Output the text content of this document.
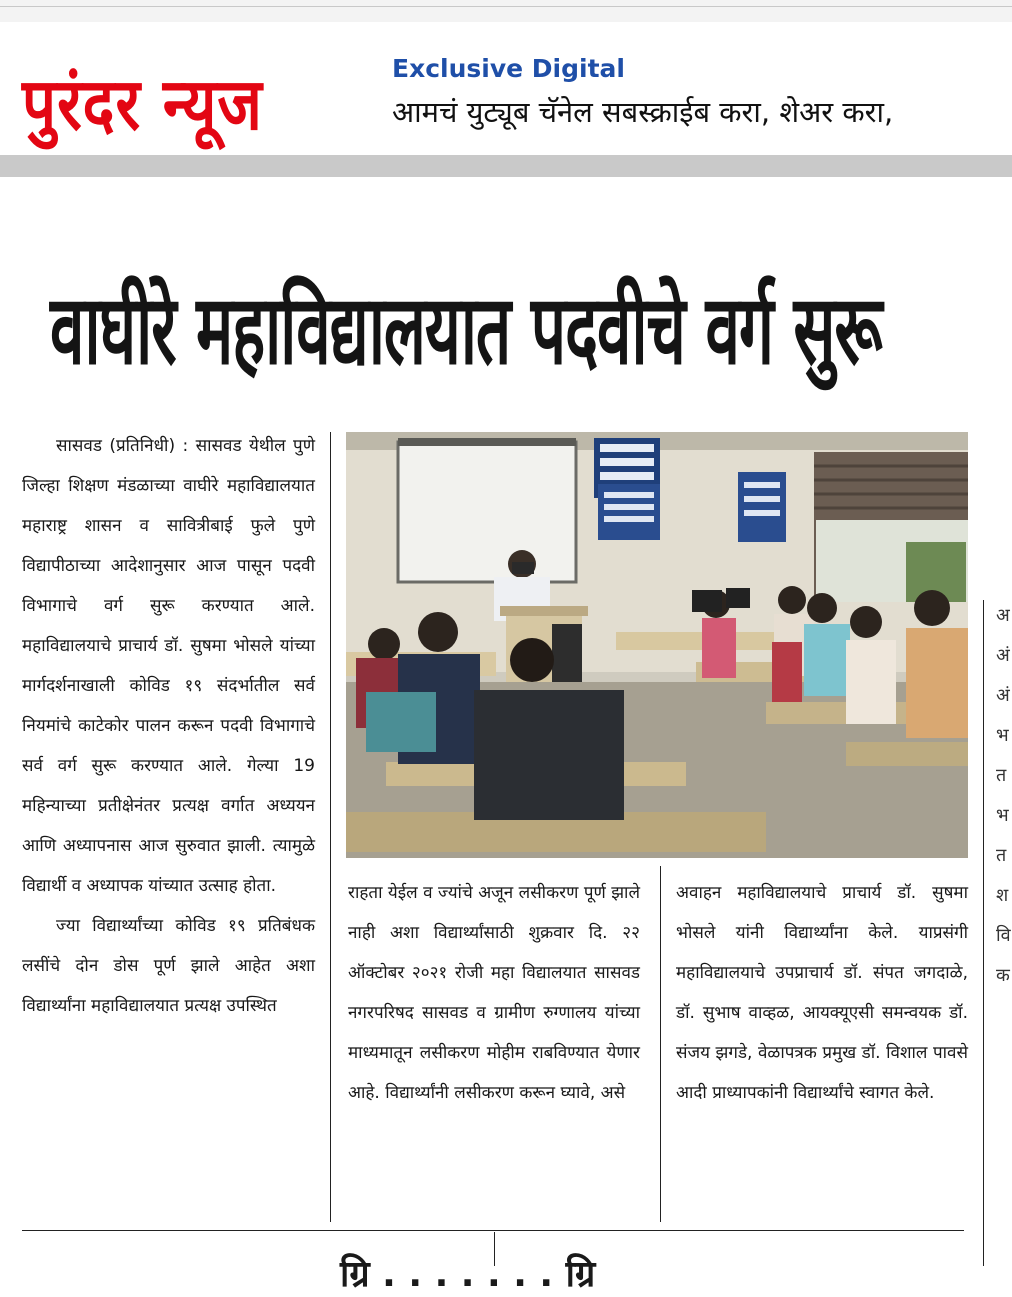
पुरंदर न्यूज	Exclusive Digital
आमचं युट्यूब चॅनेल सबस्क्राईब करा, शेअर करा,
वाघीरे महाविद्यालयात पदवीचे वर्ग सुरू

सासवड (प्रतिनिधी) : सासवड येथील पुणे जिल्हा शिक्षण मंडळाच्या वाघीरे महाविद्यालयात महाराष्ट्र शासन व सावित्रीबाई फुले पुणे विद्यापीठाच्या आदेशानुसार आज पासून पदवी विभागाचे वर्ग सुरू करण्यात आले. महाविद्यालयाचे प्राचार्य डॉ. सुषमा भोसले यांच्या मार्गदर्शनाखाली कोविड १९ संदर्भातील सर्व नियमांचे काटेकोर पालन करून पदवी विभागाचे सर्व वर्ग सुरू करण्यात आले. गेल्या 19 महिन्याच्या प्रतीक्षेनंतर प्रत्यक्ष वर्गात अध्ययन आणि अध्यापनास आज सुरुवात झाली. त्यामुळे विद्यार्थी व अध्यापक यांच्यात उत्साह होता.

ज्या विद्यार्थ्यांच्या कोविड १९ प्रतिबंधक लसींचे दोन डोस पूर्ण झाले आहेत अशा विद्यार्थ्यांना महाविद्यालयात प्रत्यक्ष उपस्थित

राहता येईल व ज्यांचे अजून लसीकरण पूर्ण झाले नाही अशा विद्यार्थ्यांसाठी शुक्रवार दि. २२ ऑक्टोबर २०२१ रोजी महा विद्यालयात सासवड नगरपरिषद सासवड व ग्रामीण रुग्णालय यांच्या माध्यमातून लसीकरण मोहीम राबविण्यात येणार आहे. विद्यार्थ्यांनी लसीकरण करून घ्यावे, असे
अवाहन महाविद्यालयाचे प्राचार्य डॉ. सुषमा भोसले यांनी विद्यार्थ्यांना केले. याप्रसंगी महाविद्यालयाचे उपप्राचार्य डॉ. संपत जगदाळे, डॉ. सुभाष वाव्हळ, आयक्यूएसी समन्वयक डॉ. संजय झगडे, वेळापत्रक प्रमुख डॉ. विशाल पावसे आदी प्राध्यापकांनी विद्यार्थ्यांचे स्वागत केले.
अ
अं
अं
भ
त
भ
त
श
वि
क
ग्रि . . . . . . . ग्रि
